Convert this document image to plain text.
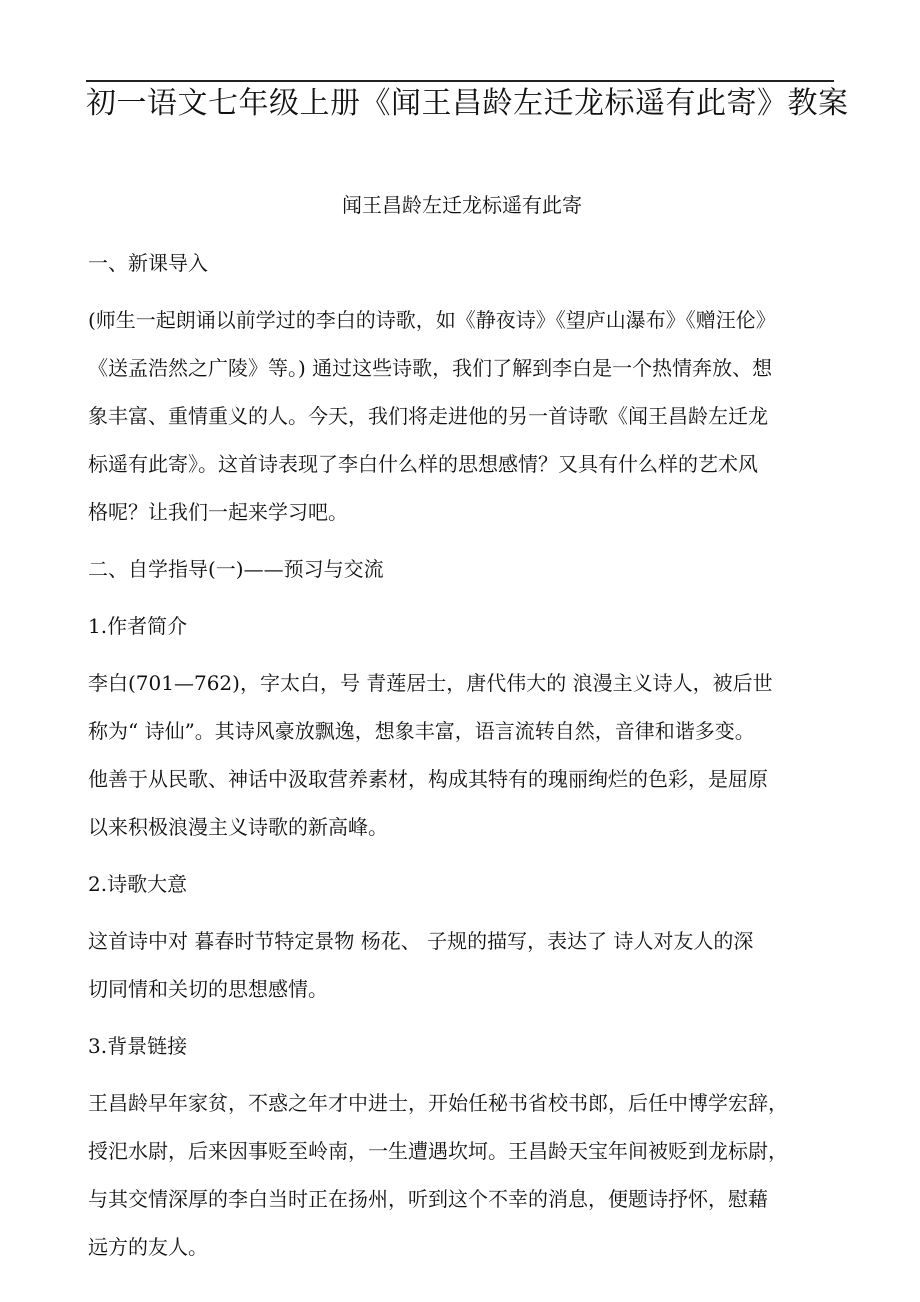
初一语文七年级上册《闻王昌龄左迁龙标遥有此寄》教案
闻王昌龄左迁龙标遥有此寄
一、新课导入
(师生一起朗诵以前学过的李白的诗歌，如《静夜诗》《望庐山瀑布》《赠汪伦》
《送孟浩然之广陵》等。) 通过这些诗歌，我们了解到李白是一个热情奔放、想
象丰富、重情重义的人。今天，我们将走进他的另一首诗歌《闻王昌龄左迁龙
标遥有此寄》。这首诗表现了李白什么样的思想感情？又具有什么样的艺术风
格呢？让我们一起来学习吧。
二、自学指导(一)——预习与交流
1.作者简介
李白(701—762)，字太白，号 青莲居士，唐代伟大的 浪漫主义诗人，被后世
称为“ 诗仙”。其诗风豪放飘逸，想象丰富，语言流转自然，音律和谐多变。
他善于从民歌、神话中汲取营养素材，构成其特有的瑰丽绚烂的色彩，是屈原
以来积极浪漫主义诗歌的新高峰。
2.诗歌大意
这首诗中对 暮春时节特定景物 杨花、 子规的描写，表达了 诗人对友人的深
切同情和关切的思想感情。
3.背景链接
王昌龄早年家贫，不惑之年才中进士，开始任秘书省校书郎，后任中博学宏辞，
授汜水尉，后来因事贬至岭南，一生遭遇坎坷。王昌龄天宝年间被贬到龙标尉，
与其交情深厚的李白当时正在扬州，听到这个不幸的消息，便题诗抒怀，慰藉
远方的友人。
